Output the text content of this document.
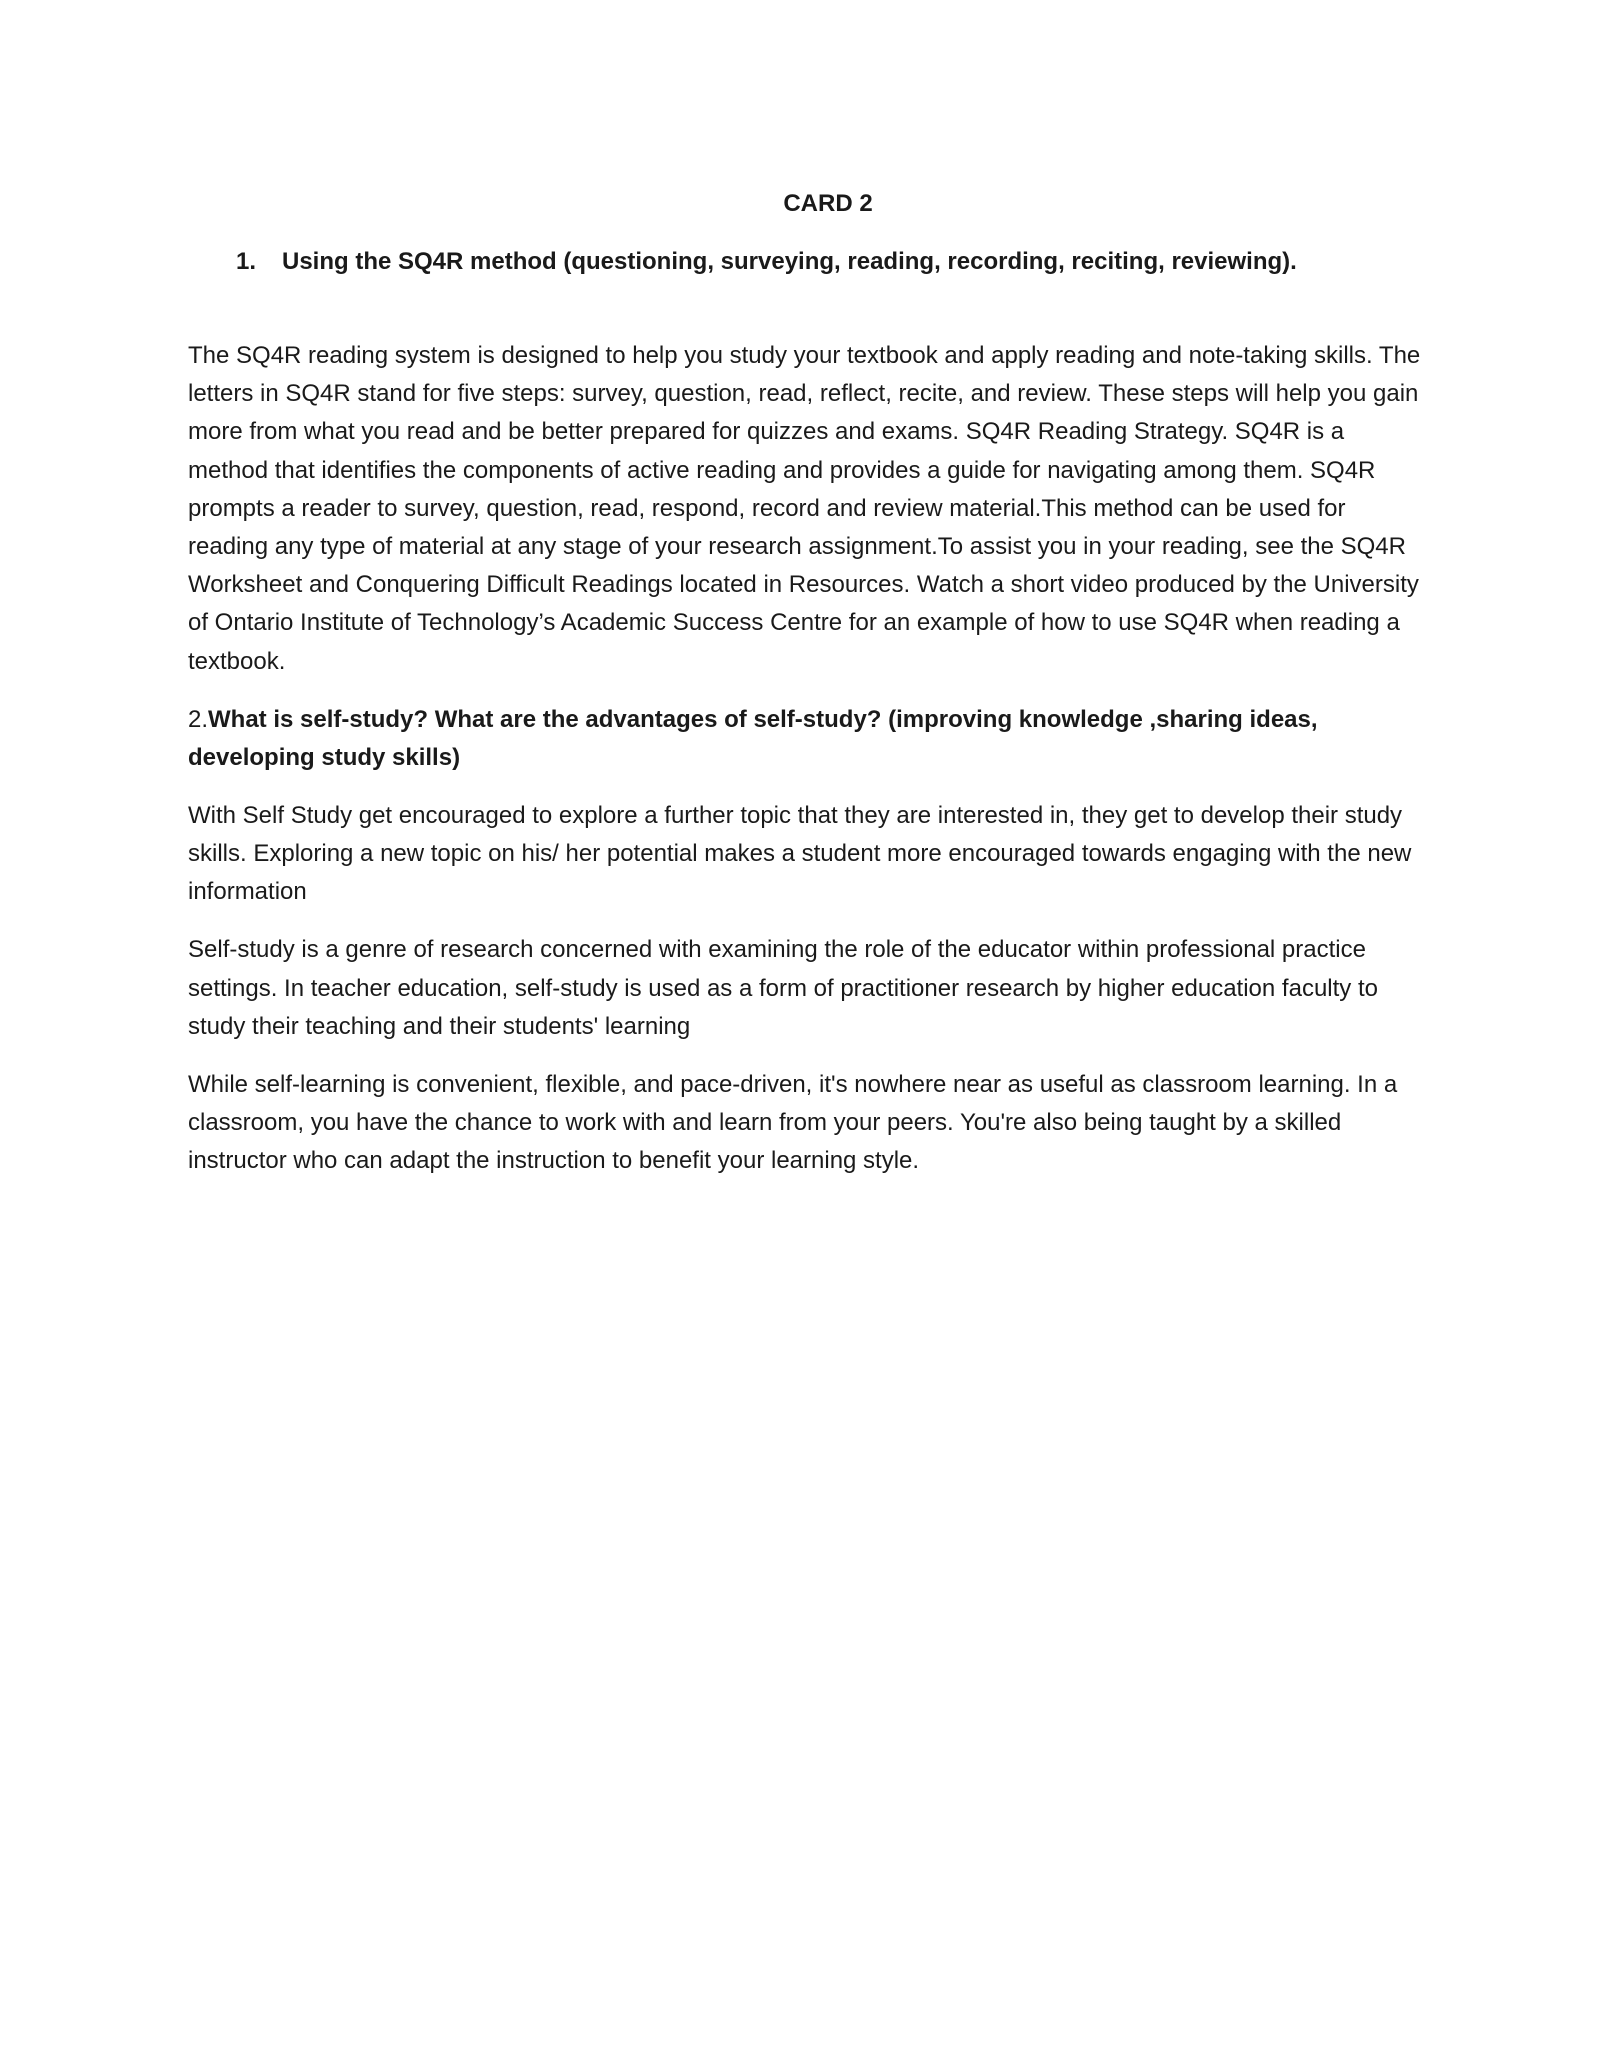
CARD 2
1.	Using the SQ4R method (questioning, surveying, reading, recording, reciting, reviewing).

The SQ4R reading system is designed to help you study your textbook and apply reading and note-taking skills. The letters in SQ4R stand for five steps: survey, question, read, reflect, recite, and review. These steps will help you gain more from what you read and be better prepared for quizzes and exams. SQ4R Reading Strategy. SQ4R is a method that identifies the components of active reading and provides a guide for navigating among them. SQ4R prompts a reader to survey, question, read, respond, record and review material.This method can be used for reading any type of material at any stage of your research assignment.To assist you in your reading, see the SQ4R Worksheet and Conquering Difficult Readings located in Resources. Watch a short video produced by the University of Ontario Institute of Technology’s Academic Success Centre for an example of how to use SQ4R when reading a textbook.

2.What is self-study? What are the advantages of self-study? (improving knowledge ,sharing ideas, developing study skills)

With Self Study get encouraged to explore a further topic that they are interested in, they get to develop their study skills. Exploring a new topic on his/ her potential makes a student more encouraged towards engaging with the new information

Self-study is a genre of research concerned with examining the role of the educator within professional practice settings. In teacher education, self-study is used as a form of practitioner research by higher education faculty to study their teaching and their students' learning

While self-learning is convenient, flexible, and pace-driven, it's nowhere near as useful as classroom learning. In a classroom, you have the chance to work with and learn from your peers. You're also being taught by a skilled instructor who can adapt the instruction to benefit your learning style.
